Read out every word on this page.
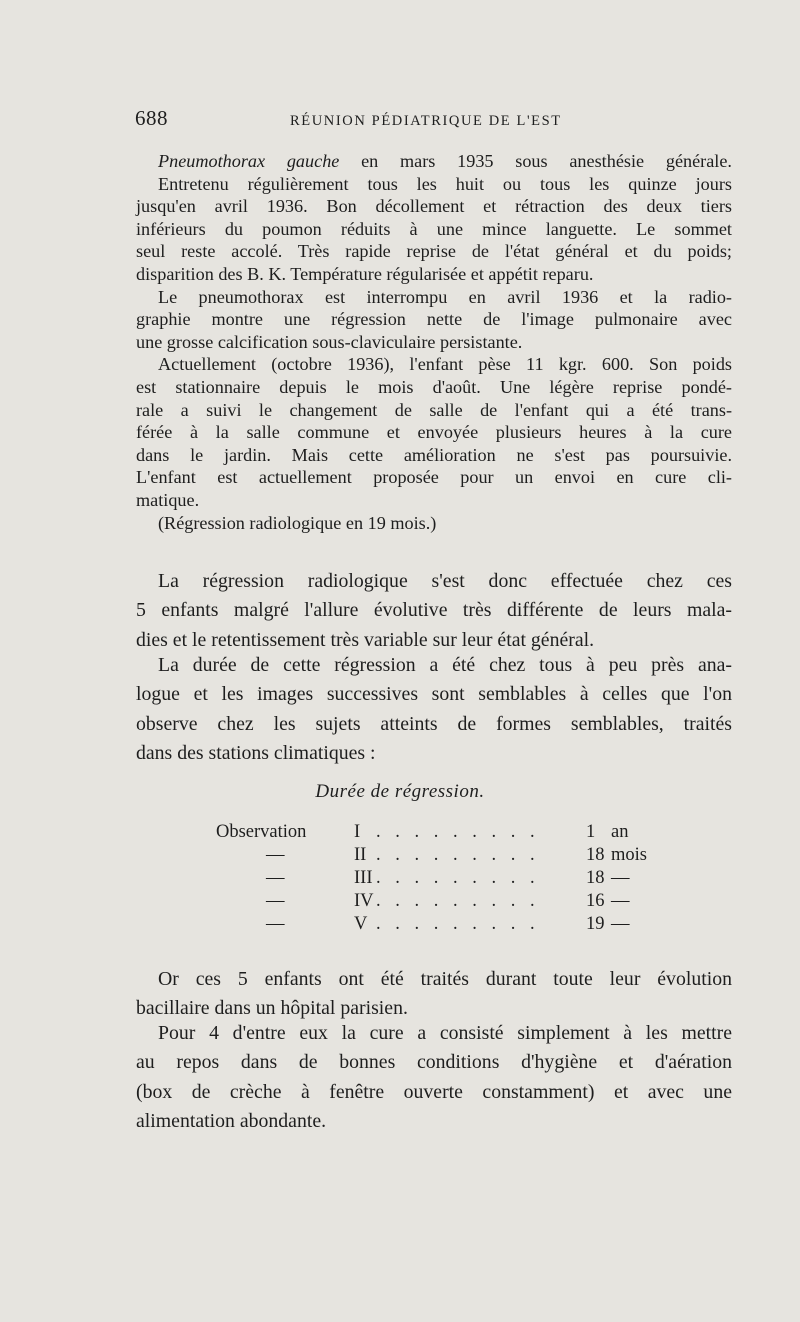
688	RÉUNION PÉDIATRIQUE DE L'EST
Pneumothorax gauche en mars 1935 sous anesthésie générale.
Entretenu régulièrement tous les huit ou tous les quinze jours
jusqu'en avril 1936. Bon décollement et rétraction des deux tiers
inférieurs du poumon réduits à une mince languette. Le sommet
seul reste accolé. Très rapide reprise de l'état général et du poids;
disparition des B. K. Température régularisée et appétit reparu.
Le pneumothorax est interrompu en avril 1936 et la radio-
graphie montre une régression nette de l'image pulmonaire avec
une grosse calcification sous-claviculaire persistante.
Actuellement (octobre 1936), l'enfant pèse 11 kgr. 600. Son poids
est stationnaire depuis le mois d'août. Une légère reprise pondé-
rale a suivi le changement de salle de l'enfant qui a été trans-
férée à la salle commune et envoyée plusieurs heures à la cure
dans le jardin. Mais cette amélioration ne s'est pas poursuivie.
L'enfant est actuellement proposée pour un envoi en cure cli-
matique.
(Régression radiologique en 19 mois.)
La régression radiologique s'est donc effectuée chez ces
5 enfants malgré l'allure évolutive très différente de leurs mala-
dies et le retentissement très variable sur leur état général.
La durée de cette régression a été chez tous à peu près ana-
logue et les images successives sont semblables à celles que l'on
observe chez les sujets atteints de formes semblables, traités
dans des stations climatiques :
Durée de régression.
Observation	I . . . . . . . . .	1 an
—	II . . . . . . . . .	18 mois
—	III . . . . . . . . .	18 —
—	IV . . . . . . . . .	16 —
—	V . . . . . . . . .	19 —
Or ces 5 enfants ont été traités durant toute leur évolution
bacillaire dans un hôpital parisien.
Pour 4 d'entre eux la cure a consisté simplement à les mettre
au repos dans de bonnes conditions d'hygiène et d'aération
(box de crèche à fenêtre ouverte constamment) et avec une
alimentation abondante.
